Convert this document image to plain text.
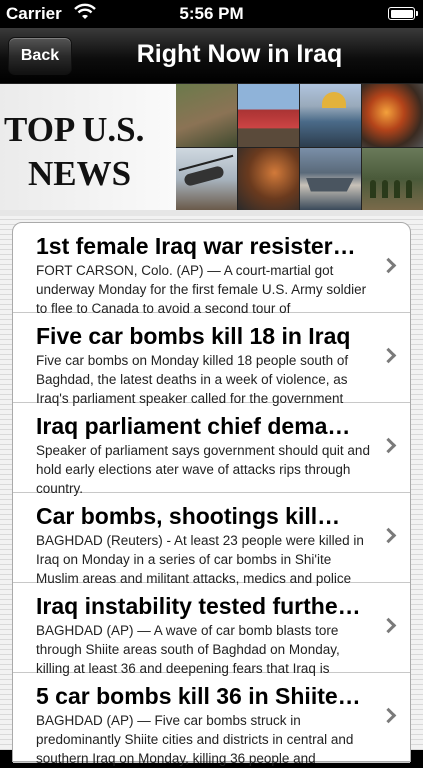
Carrier	5:56 PM
Back	Right Now in Iraq
TOP U.S.
NEWS
1st female Iraq war resister…
FORT CARSON, Colo. (AP) — A court-martial got underway Monday for the first female U.S. Army soldier to flee to Canada to avoid a second tour of
Five car bombs kill 18 in Iraq
Five car bombs on Monday killed 18 people south of Baghdad, the latest deaths in a week of violence, as Iraq's parliament speaker called for the government
Iraq parliament chief dema…
Speaker of parliament says government should quit and hold early elections ater wave of attacks rips through country.
Car bombs, shootings kill…
BAGHDAD (Reuters) - At least 23 people were killed in Iraq on Monday in a series of car bombs in Shi'ite Muslim areas and militant attacks, medics and police
Iraq instability tested furthe…
BAGHDAD (AP) — A wave of car bomb blasts tore through Shiite areas south of Baghdad on Monday, killing at least 36 and deepening fears that Iraq is
5 car bombs kill 36 in Shiite…
BAGHDAD (AP) — Five car bombs struck in predominantly Shiite cities and districts in central and southern Iraq on Monday, killing 36 people and
